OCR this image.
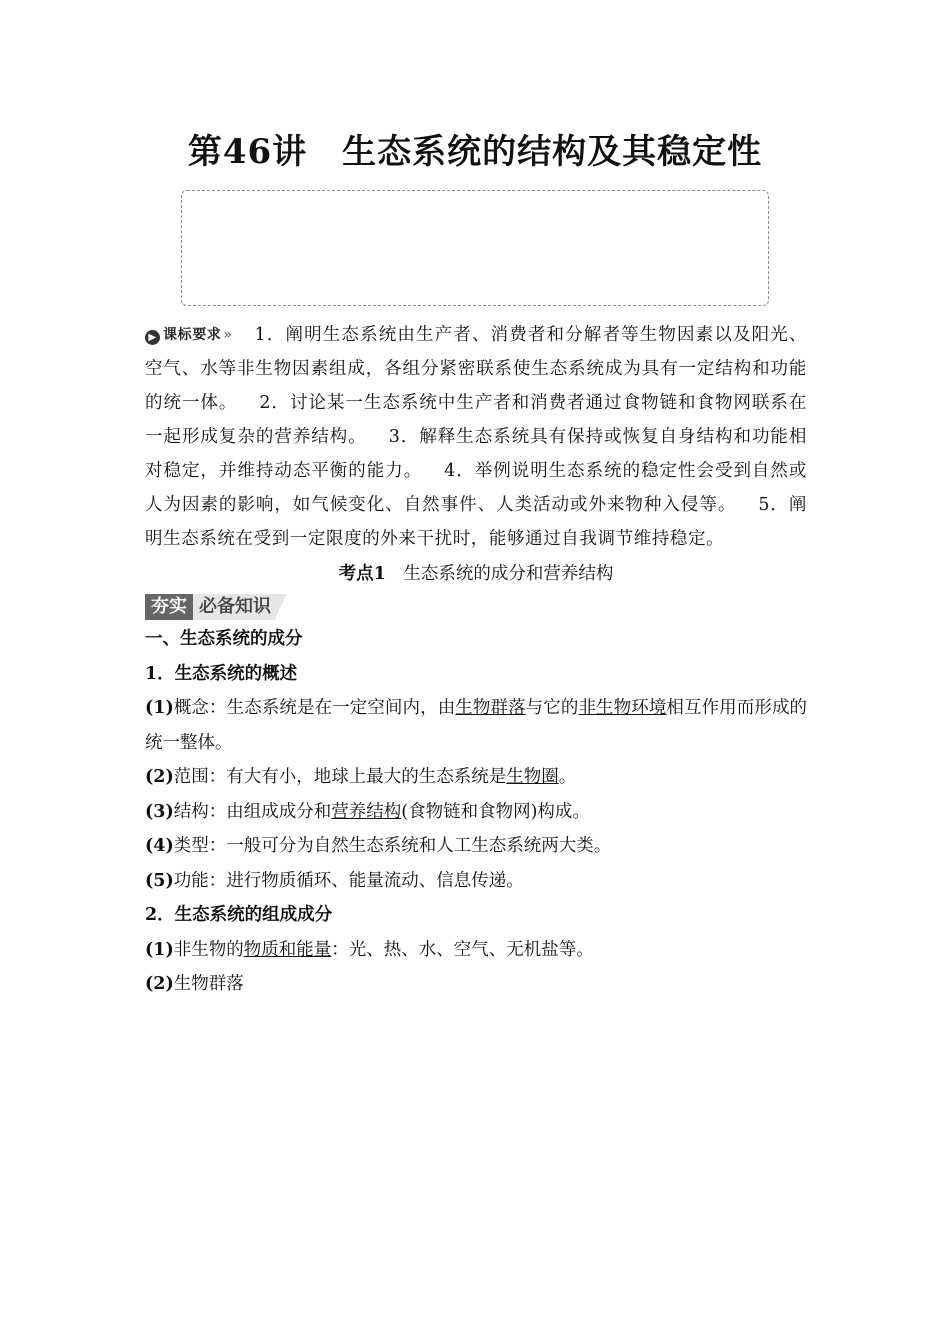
第46讲　生态系统的结构及其稳定性

▶ 课标要求 » 1．阐明生态系统由生产者、消费者和分解者等生物因素以及阳光、空气、水等非生物因素组成，各组分紧密联系使生态系统成为具有一定结构和功能的统一体。 2．讨论某一生态系统中生产者和消费者通过食物链和食物网联系在一起形成复杂的营养结构。 3．解释生态系统具有保持或恢复自身结构和功能相对稳定，并维持动态平衡的能力。 4．举例说明生态系统的稳定性会受到自然或人为因素的影响，如气候变化、自然事件、人类活动或外来物种入侵等。 5．阐明生态系统在受到一定限度的外来干扰时，能够通过自我调节维持稳定。

考点1　 生态系统的成分和营养结构

夯实 必备知识

一、生态系统的成分

1．生态系统的概述

(1)概念：生态系统是在一定空间内，由生物群落与它的非生物环境相互作用而形成的统一整体。

(2)范围：有大有小，地球上最大的生态系统是生物圈。

(3)结构：由组成成分和营养结构(食物链和食物网)构成。

(4)类型：一般可分为自然生态系统和人工生态系统两大类。

(5)功能：进行物质循环、能量流动、信息传递。

2．生态系统的组成成分

(1)非生物的物质和能量：光、热、水、空气、无机盐等。

(2)生物群落
